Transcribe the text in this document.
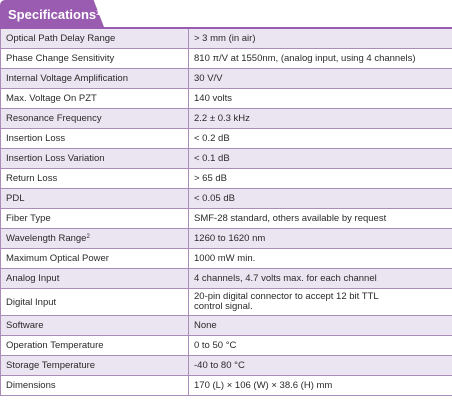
Specifications$^1$:
Optical Path Delay Range	> 3 mm (in air)
Phase Change Sensitivity	810 π/V at 1550nm, (analog input, using 4 channels)
Internal Voltage Amplification	30 V/V
Max. Voltage On PZT	140 volts
Resonance Frequency	2.2 ± 0.3 kHz
Insertion Loss	< 0.2 dB
Insertion Loss Variation	< 0.1 dB
Return Loss	> 65 dB
PDL	< 0.05 dB
Fiber Type	SMF-28 standard, others available by request
Wavelength Range$^2$	1260 to 1620 nm
Maximum Optical Power	1000 mW min.
Analog Input	4 channels, 4.7 volts max. for each channel
Digital Input	20-pin digital connector to accept 12 bit TTL
control signal.
Software	None
Operation Temperature	0 to 50 °C
Storage Temperature	-40 to 80 °C
Dimensions	170 (L) × 106 (W) × 38.6 (H) mm
